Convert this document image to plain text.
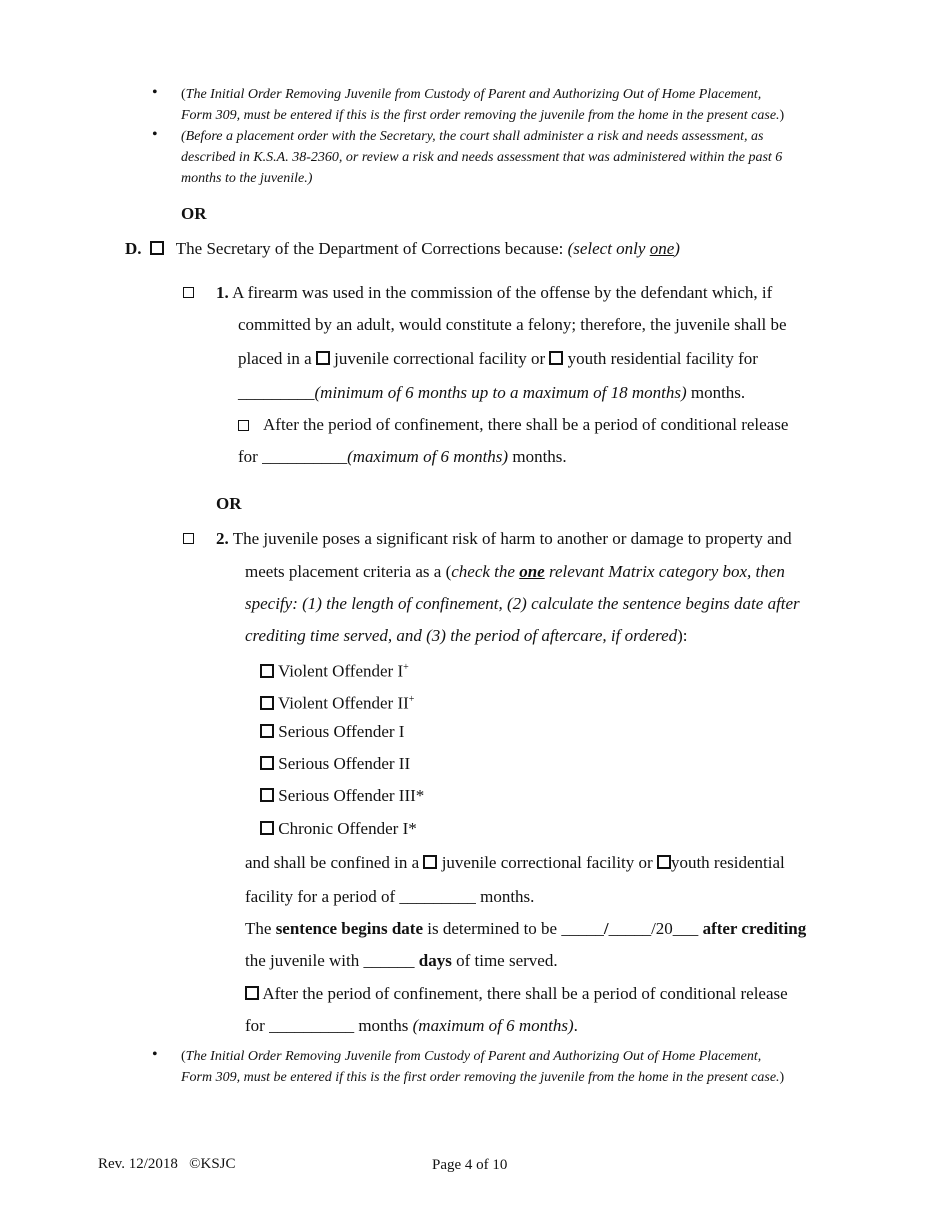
• (The Initial Order Removing Juvenile from Custody of Parent and Authorizing Out of Home Placement,
Form 309, must be entered if this is the first order removing the juvenile from the home in the present case.)
• (Before a placement order with the Secretary, the court shall administer a risk and needs assessment, as
described in K.S.A. 38-2360, or review a risk and needs assessment that was administered within the past 6
months to the juvenile.)
OR
D. The Secretary of the Department of Corrections because: (select only one)
1. A firearm was used in the commission of the offense by the defendant which, if
committed by an adult, would constitute a felony; therefore, the juvenile shall be
placed in a juvenile correctional facility or youth residential facility for
_________(minimum of 6 months up to a maximum of 18 months) months.
After the period of confinement, there shall be a period of conditional release
for __________(maximum of 6 months) months.
OR
2. The juvenile poses a significant risk of harm to another or damage to property and
meets placement criteria as a (check the one relevant Matrix category box, then
specify: (1) the length of confinement, (2) calculate the sentence begins date after
crediting time served, and (3) the period of aftercare, if ordered):
Violent Offender I+
Violent Offender II+
Serious Offender I
Serious Offender II
Serious Offender III*
Chronic Offender I*
and shall be confined in a juvenile correctional facility or youth residential
facility for a period of _________ months.
The sentence begins date is determined to be _____/_____/20___ after crediting
the juvenile with ______ days of time served.
After the period of confinement, there shall be a period of conditional release
for __________ months (maximum of 6 months).
• (The Initial Order Removing Juvenile from Custody of Parent and Authorizing Out of Home Placement,
Form 309, must be entered if this is the first order removing the juvenile from the home in the present case.)
Rev. 12/2018 ©KSJC	Page 4 of 10
